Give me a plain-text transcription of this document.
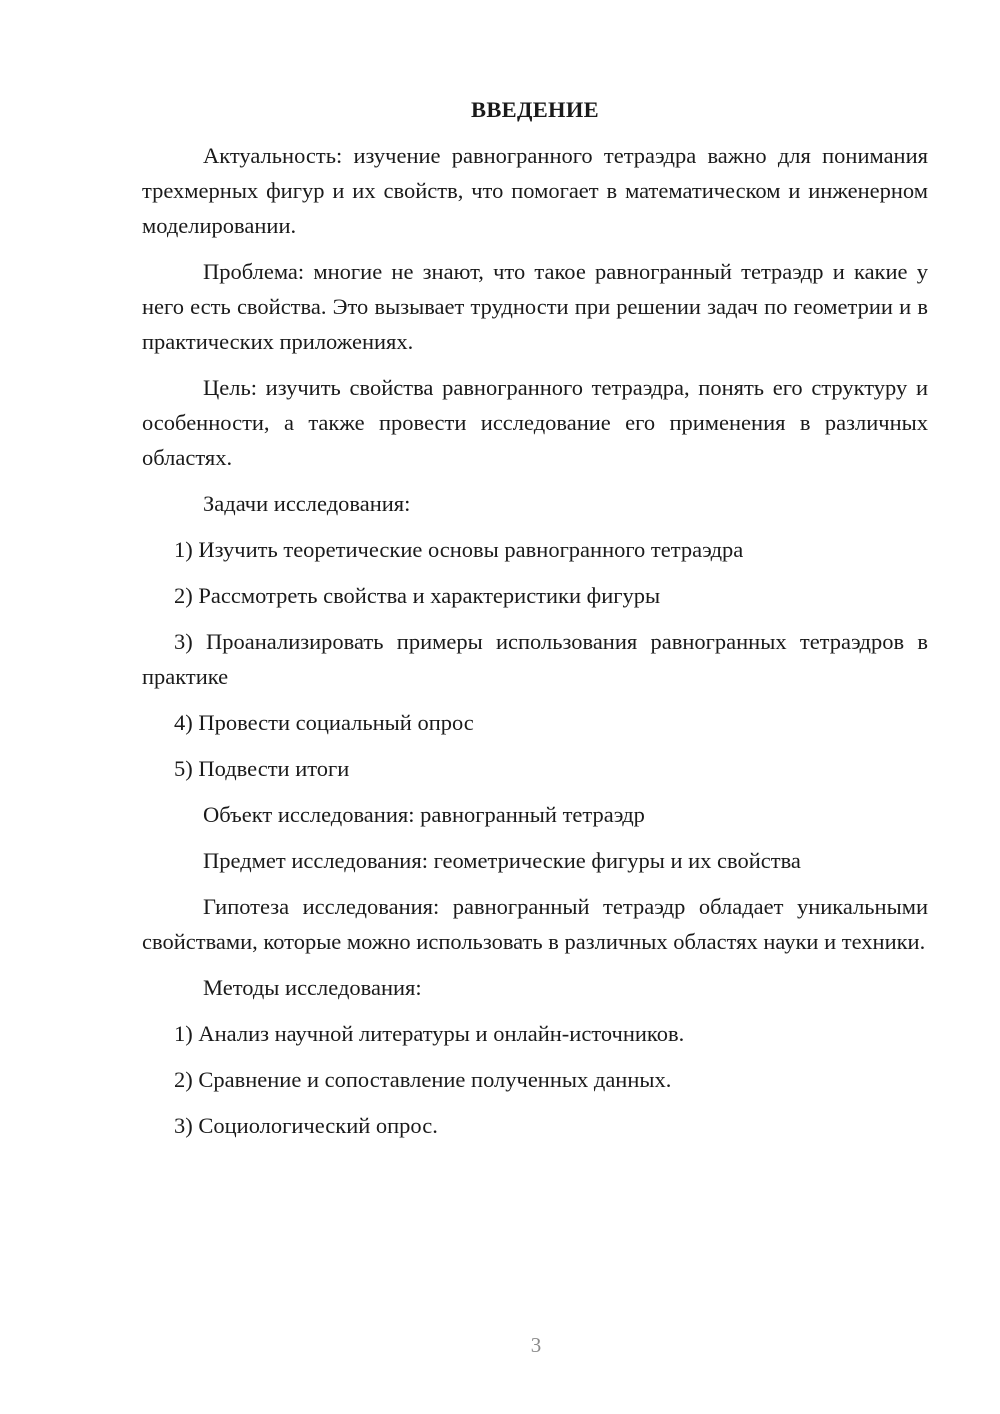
ВВЕДЕНИЕ
Актуальность: изучение равногранного тетраэдра важно для понимания трехмерных фигур и их свойств, что помогает в математическом и инженерном моделировании.
Проблема: многие не знают, что такое равногранный тетраэдр и какие у него есть свойства. Это вызывает трудности при решении задач по геометрии и в практических приложениях.
Цель: изучить свойства равногранного тетраэдра, понять его структуру и особенности, а также провести исследование его применения в различных областях.
Задачи исследования:
1) Изучить теоретические основы равногранного тетраэдра
2) Рассмотреть свойства и характеристики фигуры
3) Проанализировать примеры использования равногранных тетраэдров в практике
4) Провести социальный опрос
5) Подвести итоги
Объект исследования: равногранный тетраэдр
Предмет исследования: геометрические фигуры и их свойства
Гипотеза исследования: равногранный тетраэдр обладает уникальными свойствами, которые можно использовать в различных областях науки и техники.
Методы исследования:
1) Анализ научной литературы и онлайн-источников.
2) Сравнение и сопоставление полученных данных.
3) Социологический опрос.
3
